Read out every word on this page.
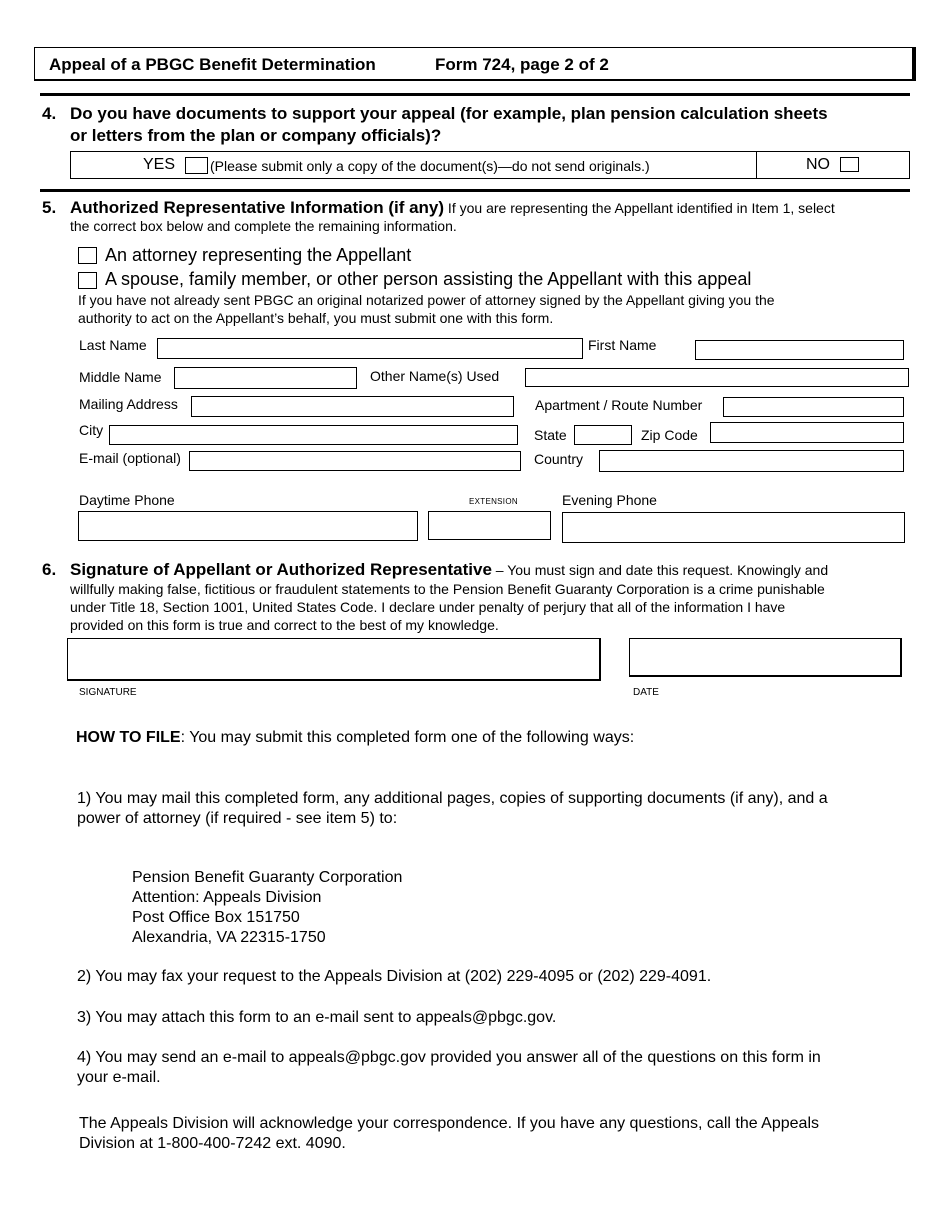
Appeal of a PBGC Benefit Determination	Form 724, page 2 of 2
4. Do you have documents to support your appeal (for example, plan pension calculation sheets
or letters from the plan or company officials)?
YES (Please submit only a copy of the document(s)—do not send originals.)	NO
5. Authorized Representative Information (if any) If you are representing the Appellant identified in Item 1, select
the correct box below and complete the remaining information.
An attorney representing the Appellant
A spouse, family member, or other person assisting the Appellant with this appeal
If you have not already sent PBGC an original notarized power of attorney signed by the Appellant giving you the
authority to act on the Appellant’s behalf, you must submit one with this form.
Last Name	First Name
Middle Name	Other Name(s) Used
Mailing Address	Apartment / Route Number
City	State	Zip Code
E-mail (optional)	Country
Daytime Phone	extension	Evening Phone
6. Signature of Appellant or Authorized Representative – You must sign and date this request. Knowingly and
willfully making false, fictitious or fraudulent statements to the Pension Benefit Guaranty Corporation is a crime punishable
under Title 18, Section 1001, United States Code. I declare under penalty of perjury that all of the information I have
provided on this form is true and correct to the best of my knowledge.
SIGNATURE	DATE
HOW TO FILE: You may submit this completed form one of the following ways:
1) You may mail this completed form, any additional pages, copies of supporting documents (if any), and a
power of attorney (if required - see item 5) to:
Pension Benefit Guaranty Corporation
Attention: Appeals Division
Post Office Box 151750
Alexandria, VA 22315-1750
2) You may fax your request to the Appeals Division at (202) 229-4095 or (202) 229-4091.
3) You may attach this form to an e-mail sent to appeals@pbgc.gov.
4) You may send an e-mail to appeals@pbgc.gov provided you answer all of the questions on this form in
your e-mail.
The Appeals Division will acknowledge your correspondence. If you have any questions, call the Appeals
Division at 1-800-400-7242 ext. 4090.
